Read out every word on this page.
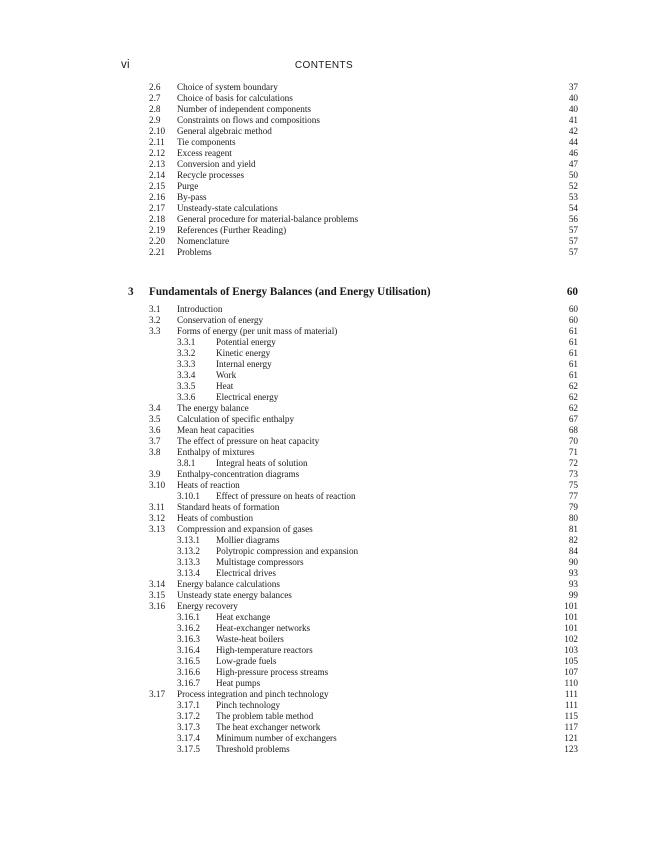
vi	CONTENTS
2.6 Choice of system boundary	37
2.7 Choice of basis for calculations	40
2.8 Number of independent components	40
2.9 Constraints on flows and compositions	41
2.10 General algebraic method	42
2.11 Tie components	44
2.12 Excess reagent	46
2.13 Conversion and yield	47
2.14 Recycle processes	50
2.15 Purge	52
2.16 By-pass	53
2.17 Unsteady-state calculations	54
2.18 General procedure for material-balance problems	56
2.19 References (Further Reading)	57
2.20 Nomenclature	57
2.21 Problems	57
3 Fundamentals of Energy Balances (and Energy Utilisation)	60
3.1 Introduction	60
3.2 Conservation of energy	60
3.3 Forms of energy (per unit mass of material)	61
3.3.1 Potential energy	61
3.3.2 Kinetic energy	61
3.3.3 Internal energy	61
3.3.4 Work	61
3.3.5 Heat	62
3.3.6 Electrical energy	62
3.4 The energy balance	62
3.5 Calculation of specific enthalpy	67
3.6 Mean heat capacities	68
3.7 The effect of pressure on heat capacity	70
3.8 Enthalpy of mixtures	71
3.8.1 Integral heats of solution	72
3.9 Enthalpy-concentration diagrams	73
3.10 Heats of reaction	75
3.10.1 Effect of pressure on heats of reaction	77
3.11 Standard heats of formation	79
3.12 Heats of combustion	80
3.13 Compression and expansion of gases	81
3.13.1 Mollier diagrams	82
3.13.2 Polytropic compression and expansion	84
3.13.3 Multistage compressors	90
3.13.4 Electrical drives	93
3.14 Energy balance calculations	93
3.15 Unsteady state energy balances	99
3.16 Energy recovery	101
3.16.1 Heat exchange	101
3.16.2 Heat-exchanger networks	101
3.16.3 Waste-heat boilers	102
3.16.4 High-temperature reactors	103
3.16.5 Low-grade fuels	105
3.16.6 High-pressure process streams	107
3.16.7 Heat pumps	110
3.17 Process integration and pinch technology	111
3.17.1 Pinch technology	111
3.17.2 The problem table method	115
3.17.3 The heat exchanger network	117
3.17.4 Minimum number of exchangers	121
3.17.5 Threshold problems	123
